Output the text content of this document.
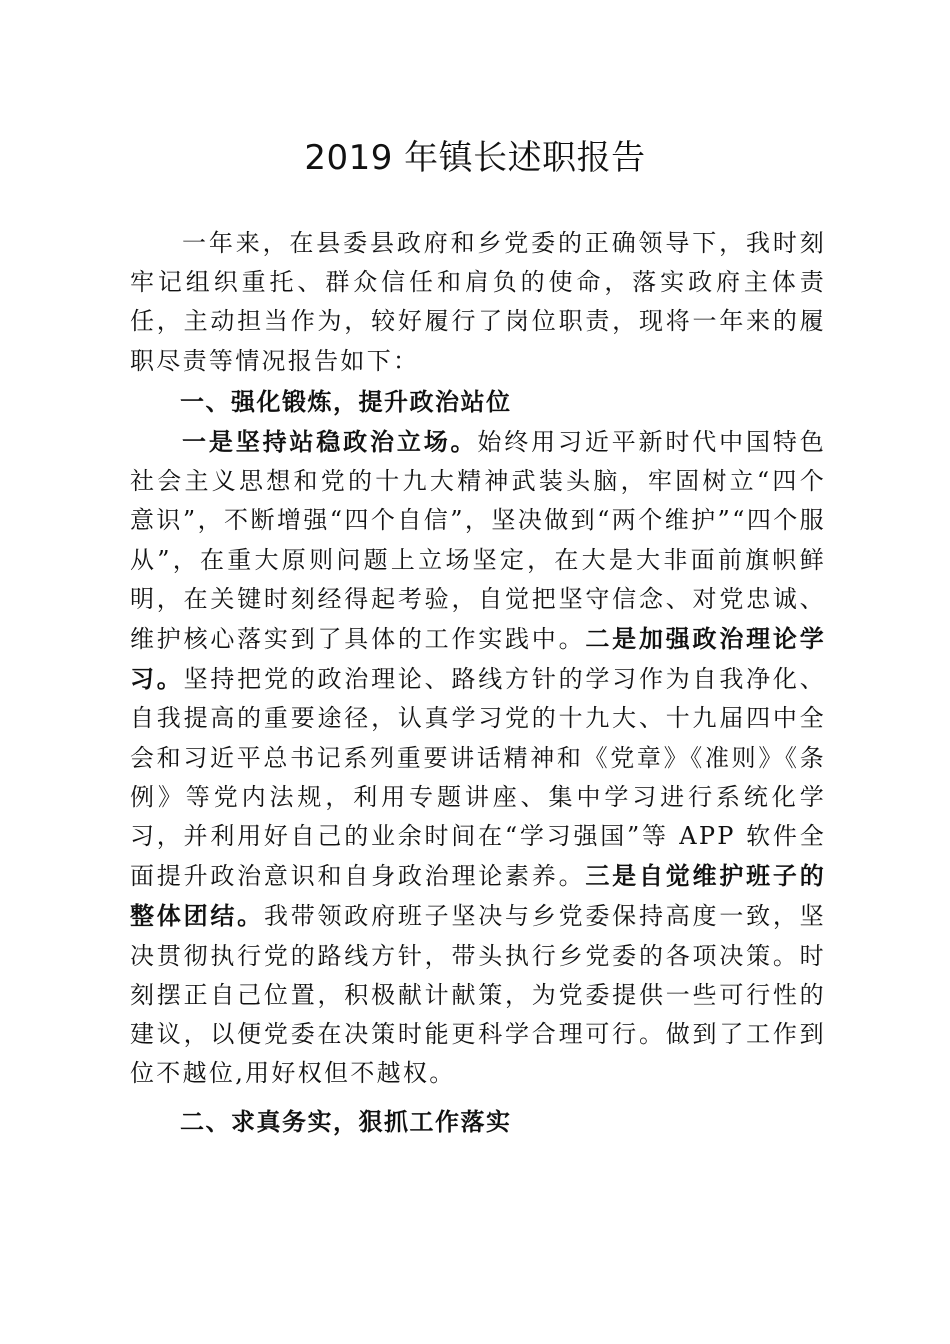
2019 年镇长述职报告

一年来，在县委县政府和乡党委的正确领导下，我时刻牢记组织重托、群众信任和肩负的使命，落实政府主体责任，主动担当作为，较好履行了岗位职责，现将一年来的履职尽责等情况报告如下：

一、强化锻炼，提升政治站位

一是坚持站稳政治立场。始终用习近平新时代中国特色社会主义思想和党的十九大精神武装头脑，牢固树立“四个意识”，不断增强“四个自信”，坚决做到“两个维护”“四个服从”，在重大原则问题上立场坚定，在大是大非面前旗帜鲜明，在关键时刻经得起考验，自觉把坚守信念、对党忠诚、维护核心落实到了具体的工作实践中。二是加强政治理论学习。坚持把党的政治理论、路线方针的学习作为自我净化、自我提高的重要途径，认真学习党的十九大、十九届四中全会和习近平总书记系列重要讲话精神和《党章》《准则》《条例》等党内法规，利用专题讲座、集中学习进行系统化学习，并利用好自己的业余时间在“学习强国”等 APP 软件全面提升政治意识和自身政治理论素养。三是自觉维护班子的整体团结。我带领政府班子坚决与乡党委保持高度一致，坚决贯彻执行党的路线方针，带头执行乡党委的各项决策。时刻摆正自己位置，积极献计献策，为党委提供一些可行性的建议，以便党委在决策时能更科学合理可行。做到了工作到位不越位,用好权但不越权。

二、求真务实，狠抓工作落实
